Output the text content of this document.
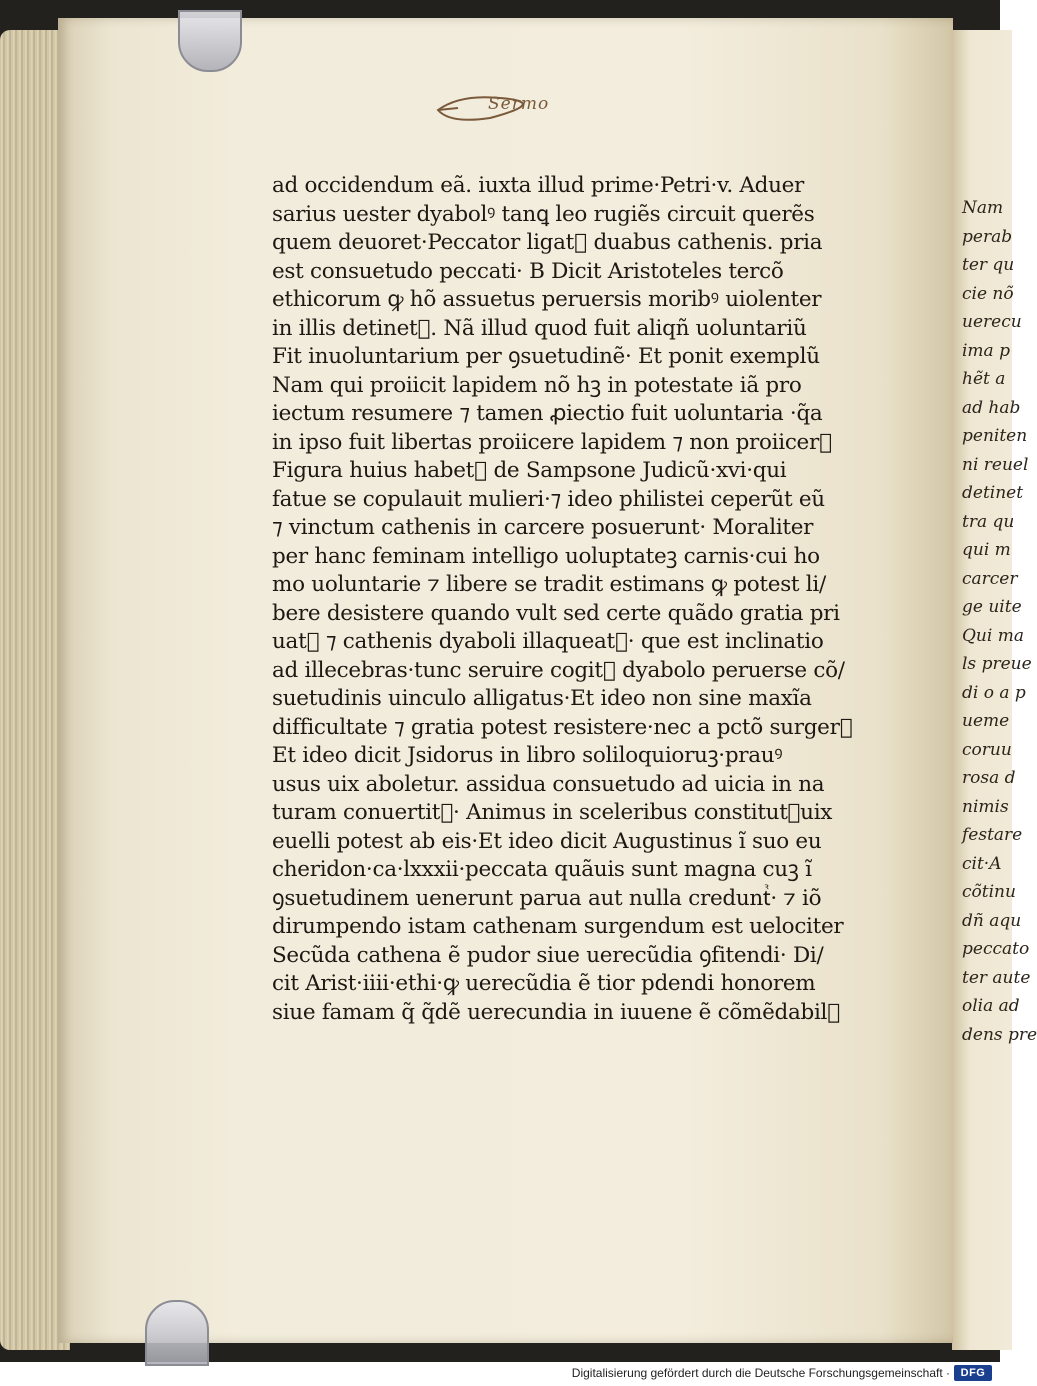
Nam
perab
ter qu
cie nõ
uerecu
ima p
hẽt a
ad hab
peniten
ni reuel
detinet
tra qu
qui m
carcer
ge uite
Qui ma
ls preue
di o a p
ueme
coruu
rosa d
nimis
festare
cit·A
cõtinu
dñ aqu
peccato
ter aute
olia ad
dens pre
Sermo
ad occidendum eã. iuxta illud prime·Petri·v. Aduer
sarius uester dyabolꝰ tanꝗ leo rugiẽs circuit querẽs
quem deuoret·Peccator ligatᷣ duabus cathenis. pria
est consuetudo peccati· B Dicit Aristoteles tercõ
ethicorum ꝙ hõ assuetus peruersis moribꝰ uiolenter
in illis detinetᷣ. Nã illud quod fuit aliqñ uoluntariũ
Fit inuoluntarium per ꝯsuetudinẽ· Et ponit exemplũ
Nam qui proiicit lapidem nõ hꝫ in potestate iã pro
iectum resumere ⁊ tamen ꝓiectio fuit uoluntaria ·q̃a
in ipso fuit libertas proiicere lapidem ⁊ non proiicerᷣ
Figura huius habetᷣ de Sampsone Judicũ·xvi·qui
fatue se copulauit mulieri·⁊ ideo philistei ceperũt eũ
⁊ vinctum cathenis in carcere posuerunt· Moraliter
per hanc feminam intelligo uoluptateꝫ carnis·cui ho
mo uoluntarie ⁊ libere se tradit estimans ꝙ potest li/
bere desistere quando vult sed certe quãdo gratia pri
uatᷣ ⁊ cathenis dyaboli illaqueatᷣ· que est inclinatio
ad illecebras·tunc seruire cogitᷣ dyabolo peruerse cõ/
suetudinis uinculo alligatus·Et ideo non sine maxĩa
difficultate ⁊ gratia potest resistere·nec a pctõ surgerᷣ
Et ideo dicit Jsidorus in libro soliloquioruꝫ·prauꝰ
usus uix aboletur. assidua consuetudo ad uicia in na
turam conuertitᷣ· Animus in sceleribus constitutꝰuix
euelli potest ab eis·Et ideo dicit Augustinus ĩ suo eu
cheridon·ca·lxxxii·peccata quãuis sunt magna cuꝫ ĩ
ꝯsuetudinem uenerunt parua aut nulla creduntᷣ· ⁊ iõ
dirumpendo istam cathenam surgendum est uelociter
Secũda cathena ẽ pudor siue uerecũdia ꝯfitendi· Di/
cit Arist·iiii·ethi·ꝙ uerecũdia ẽ tior pdendi honorem
siue famam q̃ q̃dẽ uerecundia in iuuene ẽ cõmẽdabilᷣ
Digitalisierung gefördert durch die Deutsche Forschungsgemeinschaft · DFG
